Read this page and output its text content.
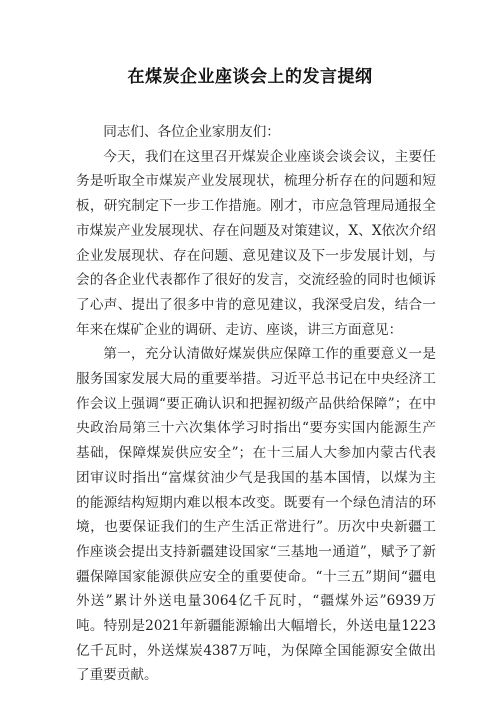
在煤炭企业座谈会上的发言提纲

同志们、各位企业家朋友们：

今天，我们在这里召开煤炭企业座谈会谈会议，主要任务是听取全市煤炭产业发展现状，梳理分析存在的问题和短板，研究制定下一步工作措施。刚才，市应急管理局通报全市煤炭产业发展现状、存在问题及对策建议，X、X依次介绍企业发展现状、存在问题、意见建议及下一步发展计划，与会的各企业代表都作了很好的发言，交流经验的同时也倾诉了心声、提出了很多中肯的意见建议，我深受启发，结合一年来在煤矿企业的调研、走访、座谈，讲三方面意见：

第一，充分认清做好煤炭供应保障工作的重要意义一是服务国家发展大局的重要举措。习近平总书记在中央经济工作会议上强调“要正确认识和把握初级产品供给保障”；在中央政治局第三十六次集体学习时指出“要夯实国内能源生产基础，保障煤炭供应安全”；在十三届人大参加内蒙古代表团审议时指出“富煤贫油少气是我国的基本国情，以煤为主的能源结构短期内难以根本改变。既要有一个绿色清洁的环境，也要保证我们的生产生活正常进行”。历次中央新疆工作座谈会提出支持新疆建设国家“三基地一通道”，赋予了新疆保障国家能源供应安全的重要使命。“十三五”期间“疆电外送”累计外送电量3064亿千瓦时，“疆煤外运”6939万吨。特别是2021年新疆能源输出大幅增长，外送电量1223亿千瓦时，外送煤炭4387万吨，为保障全国能源安全做出了重要贡献。
